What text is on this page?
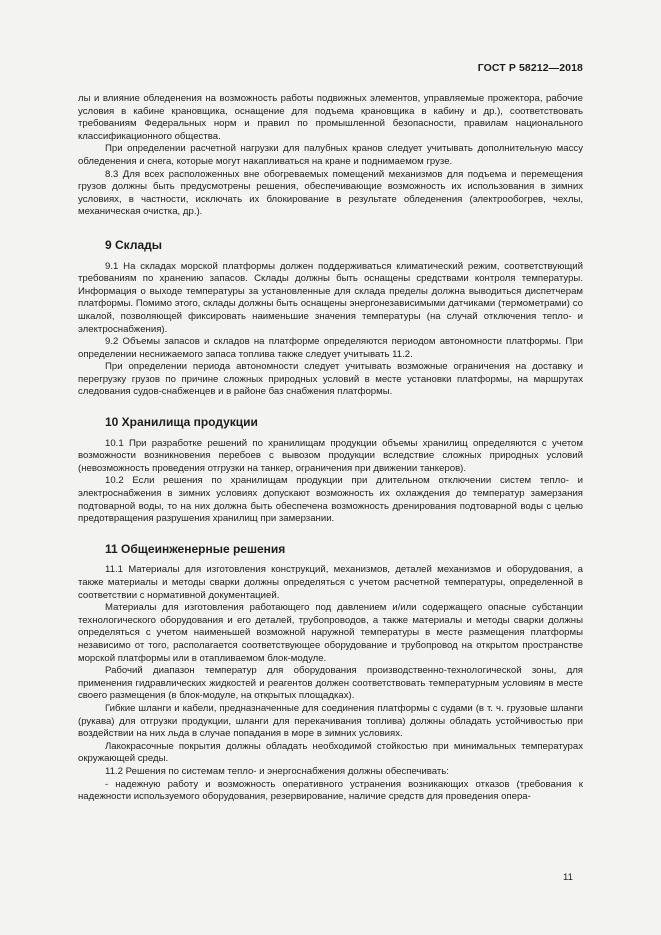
ГОСТ Р 58212—2018

лы и влияние обледенения на возможность работы подвижных элементов, управляемые прожектора, рабочие условия в кабине крановщика, оснащение для подъема крановщика в кабину и др.), соответствовать требованиям Федеральных норм и правил по промышленной безопасности, правилам национального классификационного общества.

При определении расчетной нагрузки для палубных кранов следует учитывать дополнительную массу обледенения и снега, которые могут накапливаться на кране и поднимаемом грузе.

8.3 Для всех расположенных вне обогреваемых помещений механизмов для подъема и перемещения грузов должны быть предусмотрены решения, обеспечивающие возможность их использования в зимних условиях, в частности, исключать их блокирование в результате обледенения (электрообогрев, чехлы, механическая очистка, др.).

9 Склады

9.1 На складах морской платформы должен поддерживаться климатический режим, соответствующий требованиям по хранению запасов. Склады должны быть оснащены средствами контроля температуры. Информация о выходе температуры за установленные для склада пределы должна выводиться диспетчерам платформы. Помимо этого, склады должны быть оснащены энергонезависимыми датчиками (термометрами) со шкалой, позволяющей фиксировать наименьшие значения температуры (на случай отключения тепло- и электроснабжения).

9.2 Объемы запасов и складов на платформе определяются периодом автономности платформы. При определении неснижаемого запаса топлива также следует учитывать 11.2.

При определении периода автономности следует учитывать возможные ограничения на доставку и перегрузку грузов по причине сложных природных условий в месте установки платформы, на маршрутах следования судов-снабженцев и в районе баз снабжения платформы.

10 Хранилища продукции

10.1 При разработке решений по хранилищам продукции объемы хранилищ определяются с учетом возможности возникновения перебоев с вывозом продукции вследствие сложных природных условий (невозможность проведения отгрузки на танкер, ограничения при движении танкеров).

10.2 Если решения по хранилищам продукции при длительном отключении систем тепло- и электроснабжения в зимних условиях допускают возможность их охлаждения до температур замерзания подтоварной воды, то на них должна быть обеспечена возможность дренирования подтоварной воды с целью предотвращения разрушения хранилищ при замерзании.

11 Общеинженерные решения

11.1 Материалы для изготовления конструкций, механизмов, деталей механизмов и оборудования, а также материалы и методы сварки должны определяться с учетом расчетной температуры, определенной в соответствии с нормативной документацией.

Материалы для изготовления работающего под давлением и/или содержащего опасные субстанции технологического оборудования и его деталей, трубопроводов, а также материалы и методы сварки должны определяться с учетом наименьшей возможной наружной температуры в месте размещения платформы независимо от того, располагается соответствующее оборудование и трубопровод на открытом пространстве морской платформы или в отапливаемом блок-модуле.

Рабочий диапазон температур для оборудования производственно-технологической зоны, для применения гидравлических жидкостей и реагентов должен соответствовать температурным условиям в месте своего размещения (в блок-модуле, на открытых площадках).

Гибкие шланги и кабели, предназначенные для соединения платформы с судами (в т. ч. грузовые шланги (рукава) для отгрузки продукции, шланги для перекачивания топлива) должны обладать устойчивостью при воздействии на них льда в случае попадания в море в зимних условиях.

Лакокрасочные покрытия должны обладать необходимой стойкостью при минимальных температурах окружающей среды.

11.2 Решения по системам тепло- и энергоснабжения должны обеспечивать:

- надежную работу и возможность оперативного устранения возникающих отказов (требования к надежности используемого оборудования, резервирование, наличие средств для проведения опера-

11
